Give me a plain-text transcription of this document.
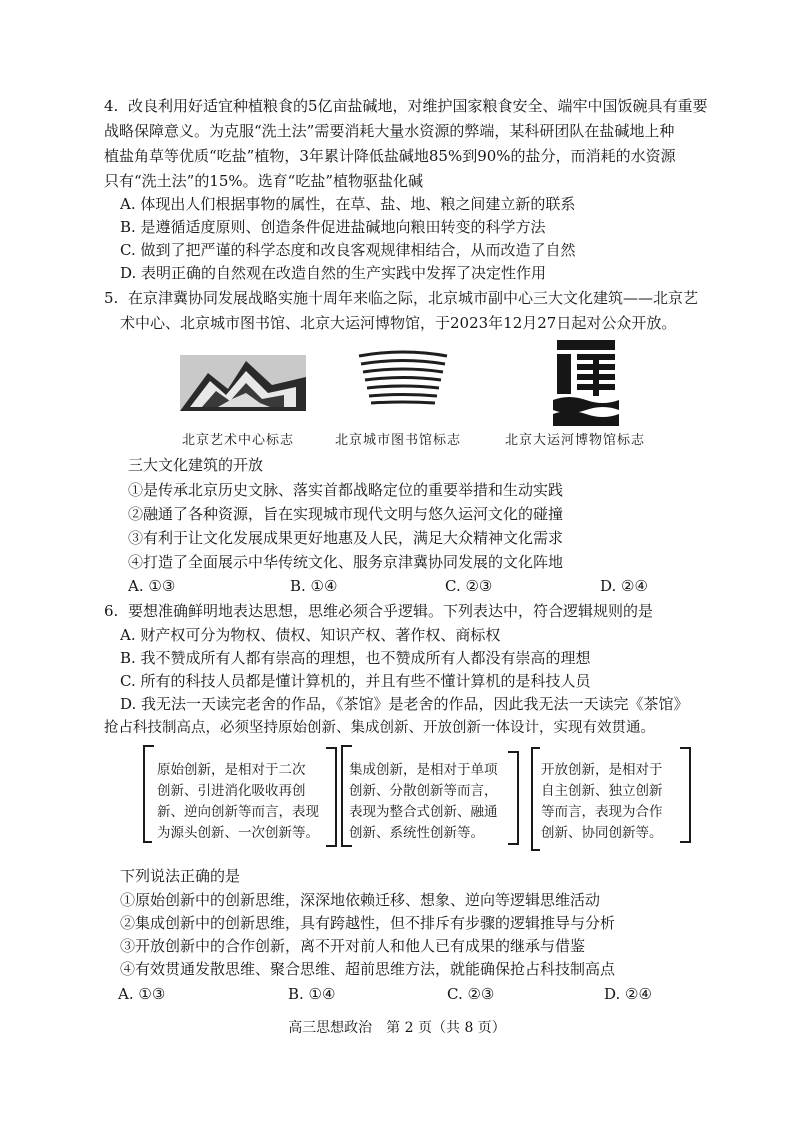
4. 改良利用好适宜种植粮食的5亿亩盐碱地，对维护国家粮食安全、端牢中国饭碗具有重要
战略保障意义。为克服“洗土法”需要消耗大量水资源的弊端，某科研团队在盐碱地上种
植盐角草等优质“吃盐”植物，3年累计降低盐碱地85%到90%的盐分，而消耗的水资源
只有“洗土法”的15%。选育“吃盐”植物驱盐化碱
A. 体现出人们根据事物的属性，在草、盐、地、粮之间建立新的联系
B. 是遵循适度原则、创造条件促进盐碱地向粮田转变的科学方法
C. 做到了把严谨的科学态度和改良客观规律相结合，从而改造了自然
D. 表明正确的自然观在改造自然的生产实践中发挥了决定性作用
5. 在京津冀协同发展战略实施十周年来临之际，北京城市副中心三大文化建筑——北京艺
术中心、北京城市图书馆、北京大运河博物馆，于2023年12月27日起对公众开放。
北京艺术中心标志	北京城市图书馆标志	北京大运河博物馆标志
三大文化建筑的开放
①是传承北京历史文脉、落实首都战略定位的重要举措和生动实践
②融通了各种资源，旨在实现城市现代文明与悠久运河文化的碰撞
③有利于让文化发展成果更好地惠及人民，满足大众精神文化需求
④打造了全面展示中华传统文化、服务京津冀协同发展的文化阵地
A. ①③	B. ①④	C. ②③	D. ②④
6. 要想准确鲜明地表达思想，思维必须合乎逻辑。下列表达中，符合逻辑规则的是
A. 财产权可分为物权、债权、知识产权、著作权、商标权
B. 我不赞成所有人都有崇高的理想，也不赞成所有人都没有崇高的理想
C. 所有的科技人员都是懂计算机的，并且有些不懂计算机的是科技人员
D. 我无法一天读完老舍的作品，《茶馆》是老舍的作品，因此我无法一天读完《茶馆》
抢占科技制高点，必须坚持原始创新、集成创新、开放创新一体设计，实现有效贯通。
原始创新，是相对于二次
创新、引进消化吸收再创
新、逆向创新等而言，表现
为源头创新、一次创新等。
集成创新，是相对于单项
创新、分散创新等而言，
表现为整合式创新、融通
创新、系统性创新等。
开放创新，是相对于
自主创新、独立创新
等而言，表现为合作
创新、协同创新等。
下列说法正确的是
①原始创新中的创新思维，深深地依赖迁移、想象、逆向等逻辑思维活动
②集成创新中的创新思维，具有跨越性，但不排斥有步骤的逻辑推导与分析
③开放创新中的合作创新，离不开对前人和他人已有成果的继承与借鉴
④有效贯通发散思维、聚合思维、超前思维方法，就能确保抢占科技制高点
A. ①③	B. ①④	C. ②③	D. ②④
高三思想政治　第 2 页（共 8 页）
